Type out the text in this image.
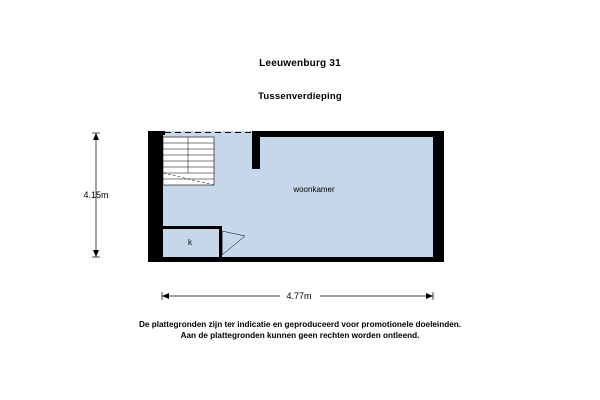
Leeuwenburg 31
Tussenverdieping
woonkamer
k
4.15m
4.77m
De plattegronden zijn ter indicatie en geproduceerd voor promotionele doeleinden.
Aan de plattegronden kunnen geen rechten worden ontleend.
